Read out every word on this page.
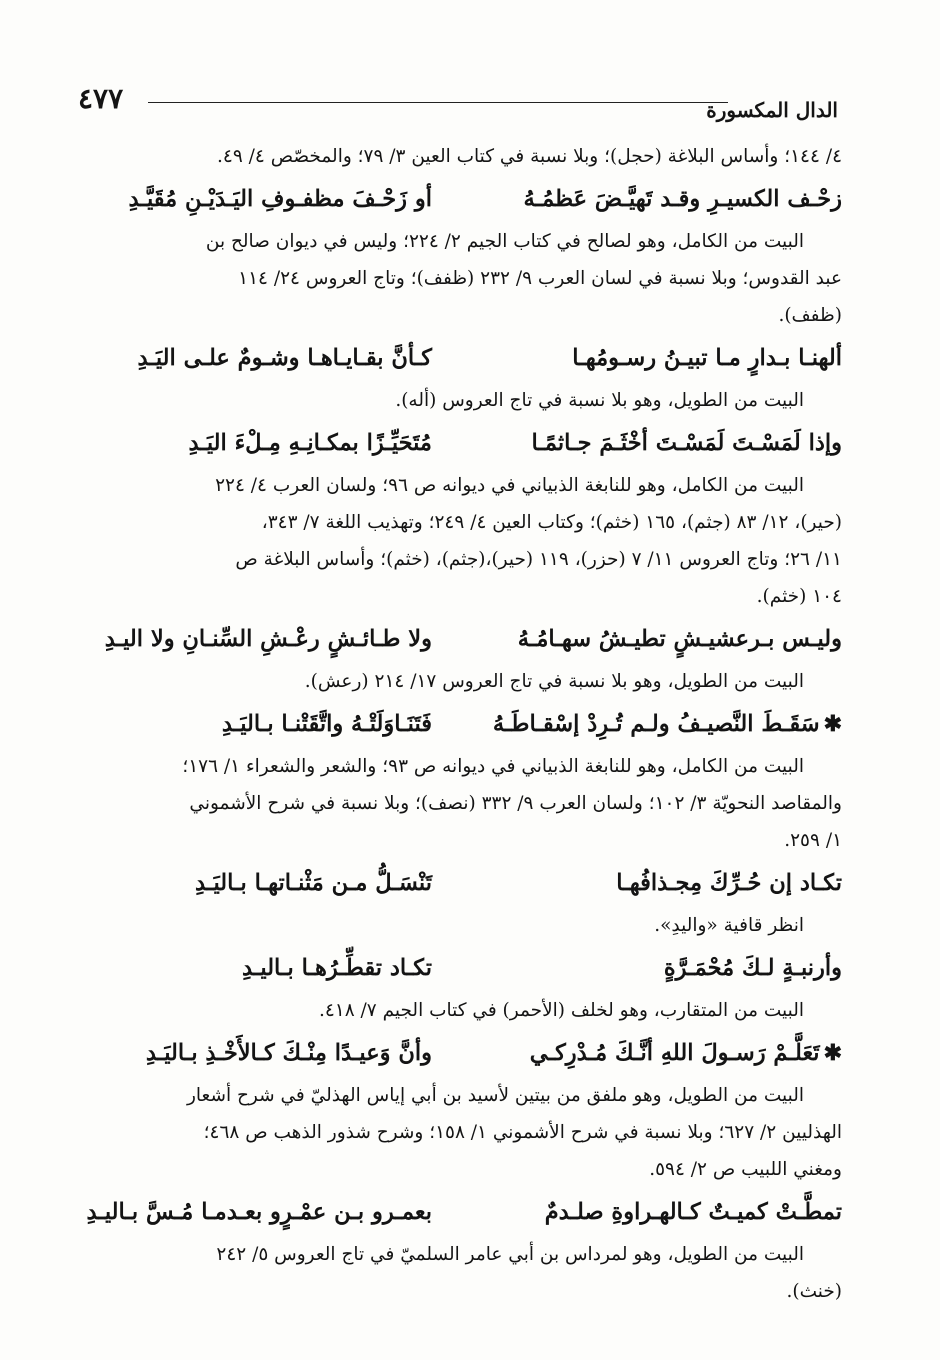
٤٧٧	الدال المكسورة

٤/ ١٤٤؛ وأساس البلاغة (حجل)؛ وبلا نسبة في كتاب العين ٣/ ٧٩؛ والمخصّص ٤/ ٤٩.

زحْـف الكسيـرِ وقـد تَهيَّـضَ عَظمُـهُ
أو زَحْـفَ مظفـوفِ اليَـدَيْـنِ مُقَيَّـدِ

البيت من الكامل، وهو لصالح في كتاب الجيم ٢/ ٢٢٤؛ وليس في ديوان صالح بن

عبد القدوس؛ وبلا نسبة في لسان العرب ٩/ ٢٣٢ (ظفف)؛ وتاج العروس ٢٤/ ١١٤

(ظفف).

ألهنـا بـدارٍ مـا تبيـنُ رسـومُهـا
كـأنَّ بقـايـاهـا وشـومٌ علـى اليَـدِ

البيت من الطويل، وهو بلا نسبة في تاج العروس (أله).

وإذا لَمَسْـتَ لَمَسْـتَ أخْثَـمَ جـاثمًـا
مُتَحَيِّـزًا بمكـانِـهِ مِـلْءَ اليَـدِ

البيت من الكامل، وهو للنابغة الذبياني في ديوانه ص ٩٦؛ ولسان العرب ٤/ ٢٢٤

(حير)، ١٢/ ٨٣ (جثم)، ١٦٥ (خثم)؛ وكتاب العين ٤/ ٢٤٩؛ وتهذيب اللغة ٧/ ٣٤٣،

١١/ ٢٦؛ وتاج العروس ١١/ ٧ (حزر)، ١١٩ (حير)،(جثم)، (خثم)؛ وأساس البلاغة ص

١٠٤ (خثم).

وليـس بـرعشيـشٍ تطيـشُ سهـامُـهُ
ولا طـائـشٍ رعْـشِ السِّنـانِ ولا اليـدِ

البيت من الطويل، وهو بلا نسبة في تاج العروس ١٧/ ٢١٤ (رعش).

✱سَقَـطَ النَّصيـفُ ولـم تُـرِدْ إسْقـاطَـهُ
فَتَنَـاوَلَتْـهُ واتَّقَتْنـا بـاليَـدِ

البيت من الكامل، وهو للنابغة الذبياني في ديوانه ص ٩٣؛ والشعر والشعراء ١/ ١٧٦؛

والمقاصد النحويّة ٣/ ١٠٢؛ ولسان العرب ٩/ ٣٣٢ (نصف)؛ وبلا نسبة في شرح الأشموني

١/ ٢٥٩.

تكـاد إن حُـرِّكَ مِجـذافُهـا
تَنْسَـلُّ مـن مَثْنـاتهـا بـاليَـدِ

انظر قافية «واليدِ».

وأرنبـةٍ لـكَ مُحْمَـرَّةٍ
تكـاد تقطِّـرُهـا بـاليـدِ

البيت من المتقارب، وهو لخلف (الأحمر) في كتاب الجيم ٧/ ٤١٨.

✱تَعَلَّـمْ رَسـولَ اللهِ أنَّـكَ مُـدْرِكـي
وأنَّ وَعيـدًا مِنْـكَ كـالأَخْـذِ بـاليَـدِ

البيت من الطويل، وهو ملفق من بيتين لأسيد بن أبي إياس الهذليّ في شرح أشعار

الهذليين ٢/ ٦٢٧؛ وبلا نسبة في شرح الأشموني ١/ ١٥٨؛ وشرح شذور الذهب ص ٤٦٨؛

ومغني اللبيب ص ٢/ ٥٩٤.

تمطَّـتْ كميـتٌ كـالهـراوةِ صلـدمٌ
بعمـرو بـن عمْـرٍو بعـدمـا مُـسَّ بـاليـدِ

البيت من الطويل، وهو لمرداس بن أبي عامر السلميّ في تاج العروس ٥/ ٢٤٢

(خنث).
